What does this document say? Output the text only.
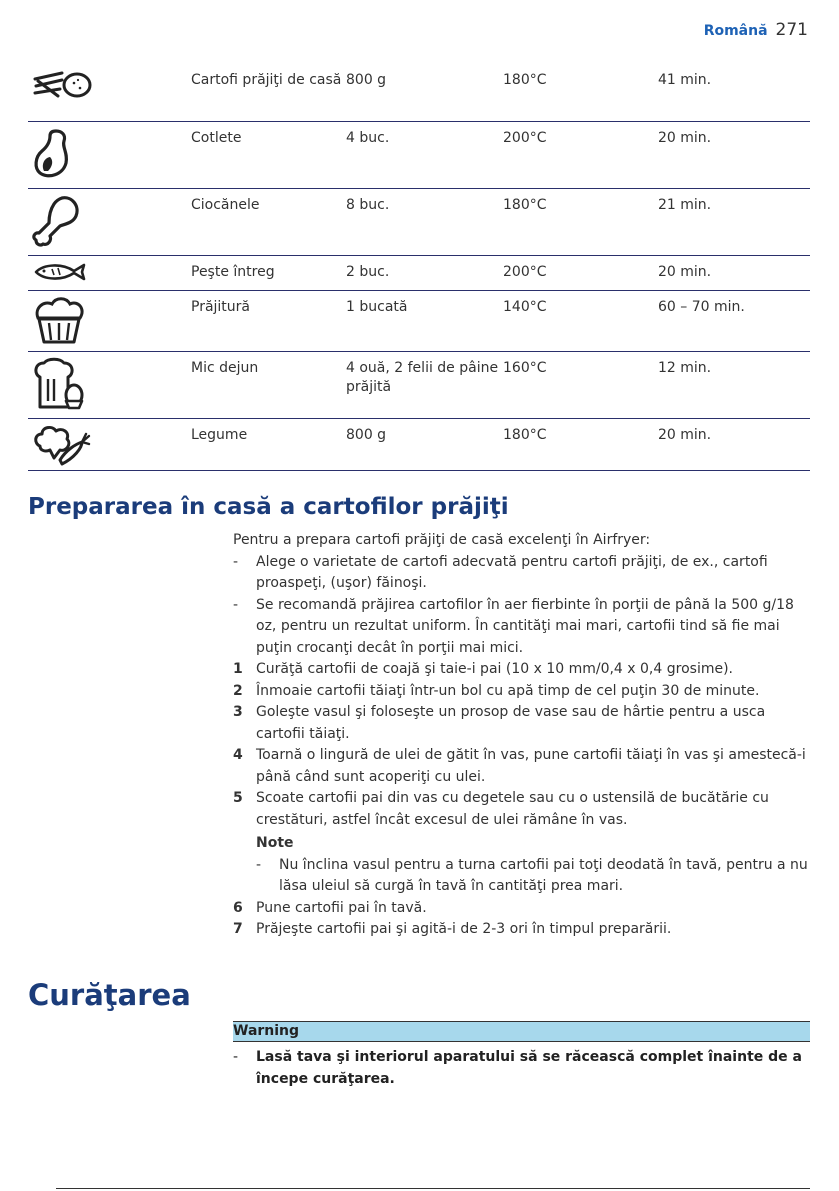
Română 271
	Cartofi prăjiţi de casă	800 g	180°C	41 min.

	Cotlete	4 buc.	200°C	20 min.

	Ciocănele	8 buc.	180°C	21 min.

	Peşte întreg	2 buc.	200°C	20 min.

	Prăjitură	1 bucată	140°C	60 – 70 min.

	Mic dejun	4 ouă, 2 felii de pâine prăjită	160°C	12 min.

	Legume	800 g	180°C	20 min.
Prepararea în casă a cartofilor prăjiţi

Pentru a prepara cartofi prăjiţi de casă excelenţi în Airfryer:

-	Alege o varietate de cartofi adecvată pentru cartofi prăjiţi, de ex., cartofi proaspeţi, (uşor) făinoşi.
-	Se recomandă prăjirea cartofilor în aer fierbinte în porţii de până la 500 g/18 oz, pentru un rezultat uniform. În cantităţi mai mari, cartofii tind să fie mai puţin crocanţi decât în porţii mai mici.
1 Curăţă cartofii de coajă şi taie-i pai (10 x 10 mm/0,4 x 0,4 grosime).
2 Înmoaie cartofii tăiaţi într-un bol cu apă timp de cel puţin 30 de minute.
3 Goleşte vasul şi foloseşte un prosop de vase sau de hârtie pentru a usca cartofii tăiaţi.
4 Toarnă o lingură de ulei de gătit în vas, pune cartofii tăiaţi în vas şi amestecă-i până când sunt acoperiţi cu ulei.
5 Scoate cartofii pai din vas cu degetele sau cu o ustensilă de bucătărie cu crestături, astfel încât excesul de ulei rămâne în vas.
Note
-	Nu înclina vasul pentru a turna cartofii pai toţi deodată în tavă, pentru a nu lăsa uleiul să curgă în tavă în cantităţi prea mari.
6 Pune cartofii pai în tavă.
7 Prăjeşte cartofii pai şi agită-i de 2-3 ori în timpul preparării.
Curăţarea
Warning
-	Lasă tava şi interiorul aparatului să se răcească complet înainte de a începe curăţarea.
